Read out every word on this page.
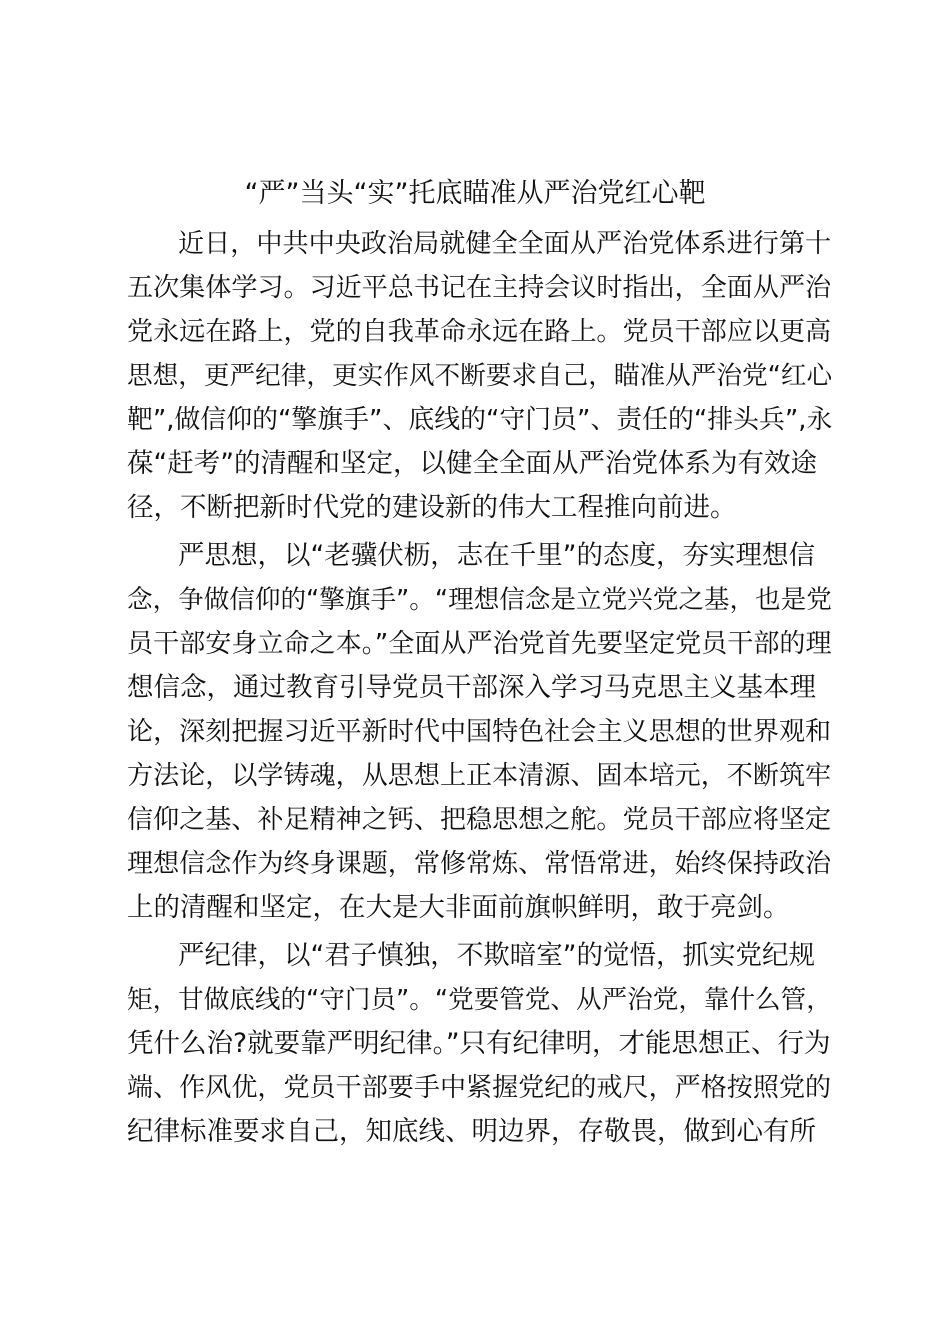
“严”当头“实”托底瞄准从严治党红心靶
近日，中共中央政治局就健全全面从严治党体系进行第十
五次集体学习。习近平总书记在主持会议时指出，全面从严治
党永远在路上，党的自我革命永远在路上。党员干部应以更高
思想，更严纪律，更实作风不断要求自己，瞄准从严治党“红心
靶”,做信仰的“擎旗手”、底线的“守门员”、责任的“排头兵”,永
葆“赶考”的清醒和坚定，以健全全面从严治党体系为有效途
径，不断把新时代党的建设新的伟大工程推向前进。
严思想，以“老骥伏枥，志在千里”的态度，夯实理想信
念，争做信仰的“擎旗手”。“理想信念是立党兴党之基，也是党
员干部安身立命之本。”全面从严治党首先要坚定党员干部的理
想信念，通过教育引导党员干部深入学习马克思主义基本理
论，深刻把握习近平新时代中国特色社会主义思想的世界观和
方法论，以学铸魂，从思想上正本清源、固本培元，不断筑牢
信仰之基、补足精神之钙、把稳思想之舵。党员干部应将坚定
理想信念作为终身课题，常修常炼、常悟常进，始终保持政治
上的清醒和坚定，在大是大非面前旗帜鲜明，敢于亮剑。
严纪律，以“君子慎独，不欺暗室”的觉悟，抓实党纪规
矩，甘做底线的“守门员”。“党要管党、从严治党，靠什么管，
凭什么治?就要靠严明纪律。”只有纪律明，才能思想正、行为
端、作风优，党员干部要手中紧握党纪的戒尺，严格按照党的
纪律标准要求自己，知底线、明边界，存敬畏，做到心有所
